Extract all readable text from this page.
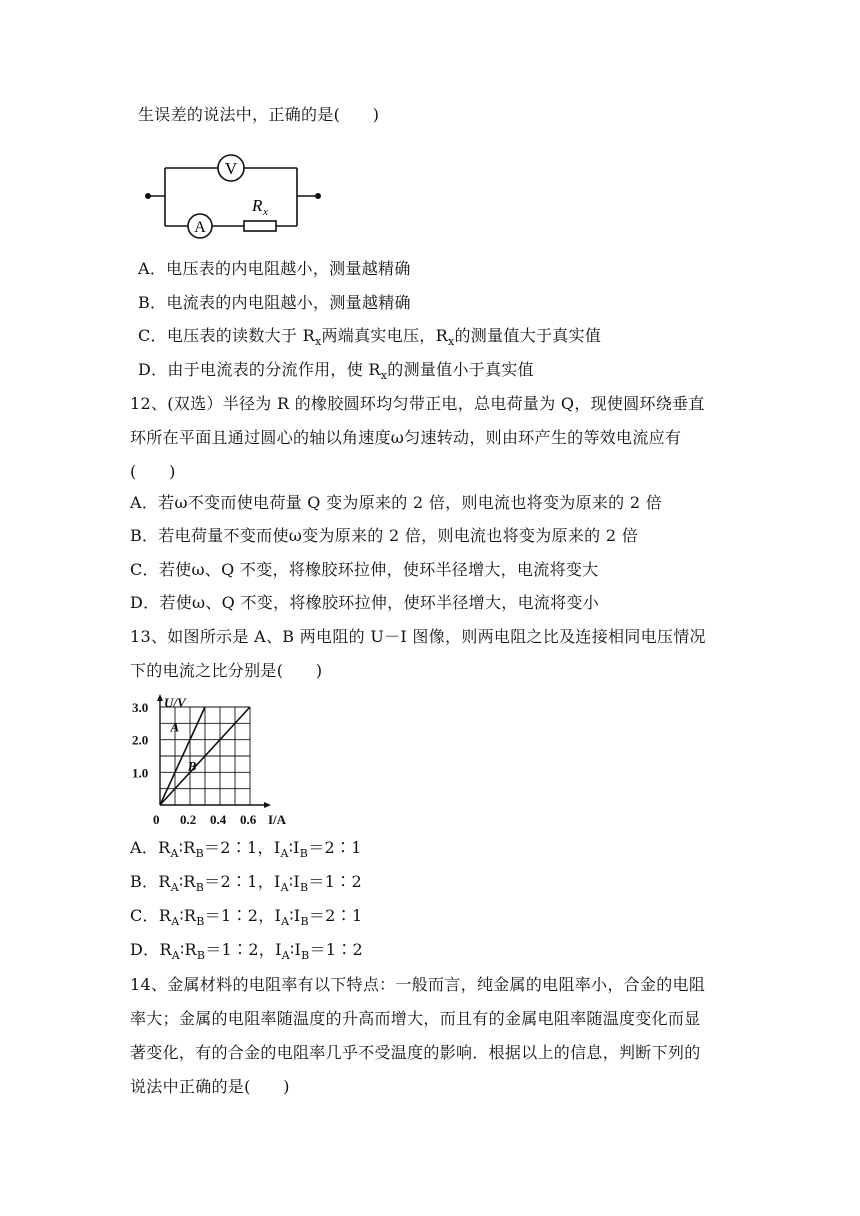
生误差的说法中，正确的是(　　)
V
A
R x
A．电压表的内电阻越小，测量越精确
B．电流表的内电阻越小，测量越精确
C．电压表的读数大于 $R_x$两端真实电压，$R_x$的测量值大于真实值
D．由于电流表的分流作用，使 $R_x$的测量值小于真实值
12、(双选）半径为 R 的橡胶圆环均匀带正电，总电荷量为 Q，现使圆环绕垂直
环所在平面且通过圆心的轴以角速度ω匀速转动，则由环产生的等效电流应有
(　　)
A．若ω不变而使电荷量 Q 变为原来的 2 倍，则电流也将变为原来的 2 倍
B．若电荷量不变而使ω变为原来的 2 倍，则电流也将变为原来的 2 倍
C．若使ω、Q 不变，将橡胶环拉伸，使环半径增大，电流将变大
D．若使ω、Q 不变，将橡胶环拉伸，使环半径增大，电流将变小
13、如图所示是 A、B 两电阻的 U－I 图像，则两电阻之比及连接相同电压情况
下的电流之比分别是(　　)
A
B
U/V
I/A
0
3.0
2.0
1.0
0.2 0.4 0.6
A．$R_A∶R_B=2∶1$，$I_A∶I_B=2∶1$
B．$R_A∶R_B=2∶1$，$I_A∶I_B=1∶2$
C．$R_A∶R_B=1∶2$，$I_A∶I_B=2∶1$
D．$R_A∶R_B=1∶2$，$I_A∶I_B=1∶2$
14、金属材料的电阻率有以下特点：一般而言，纯金属的电阻率小，合金的电阻
率大；金属的电阻率随温度的升高而增大，而且有的金属电阻率随温度变化而显
著变化，有的合金的电阻率几乎不受温度的影响．根据以上的信息，判断下列的
说法中正确的是(　　)
